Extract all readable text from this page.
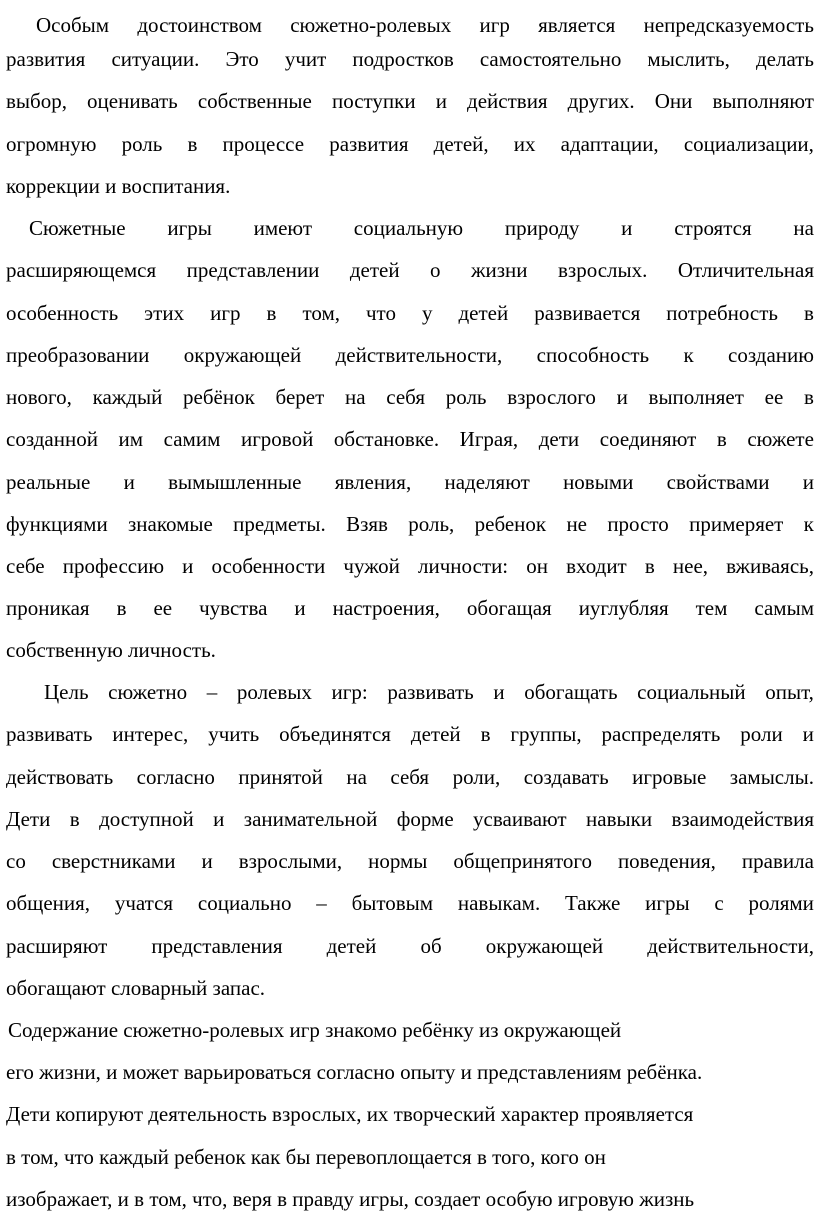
Особым достоинством сюжетно-ролевых игр является непредсказуемость
развития ситуации. Это учит подростков самостоятельно мыслить, делать
выбор, оценивать собственные поступки и действия других. Они выполняют
огромную роль в процессе развития детей, их адаптации, социализации,
коррекции и воспитания.
Сюжетные игры имеют социальную природу и строятся на
расширяющемся представлении детей о жизни взрослых. Отличительная
особенность этих игр в том, что у детей развивается потребность в
преобразовании окружающей действительности, способность к созданию
нового, каждый ребёнок берет на себя роль взрослого и выполняет ее в
созданной им самим игровой обстановке. Играя, дети соединяют в сюжете
реальные и вымышленные явления, наделяют новыми свойствами и
функциями знакомые предметы. Взяв роль, ребенок не просто примеряет к
себе профессию и особенности чужой личности: он входит в нее, вживаясь,
проникая в ее чувства и настроения, обогащая иуглубляя тем самым
собственную личность.
Цель сюжетно – ролевых игр: развивать и обогащать социальный опыт,
развивать интерес, учить объединятся детей в группы, распределять роли и
действовать согласно принятой на себя роли, создавать игровые замыслы.
Дети в доступной и занимательной форме усваивают навыки взаимодействия
со сверстниками и взрослыми, нормы общепринятого поведения, правила
общения, учатся социально – бытовым навыкам. Также игры с ролями
расширяют представления детей об окружающей действительности,
обогащают словарный запас.
Содержание сюжетно-ролевых игр знакомо ребёнку из окружающей
его жизни, и может варьироваться согласно опыту и представлениям ребёнка.
Дети копируют деятельность взрослых, их творческий характер проявляется
в том, что каждый ребенок как бы перевоплощается в того, кого он
изображает, и в том, что, веря в правду игры, создает особую игровую жизнь
